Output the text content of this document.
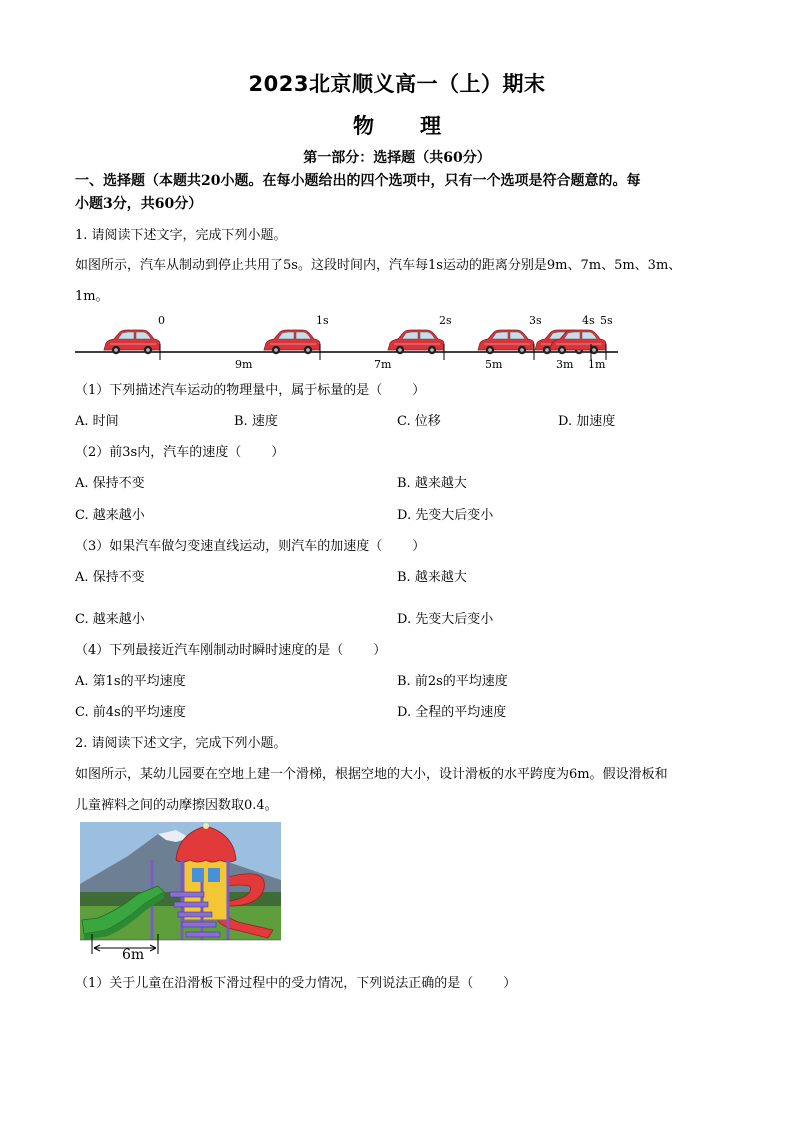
2023北京顺义高一（上）期末
物理
第一部分：选择题（共60分）
一、选择题（本题共20小题。在每小题给出的四个选项中，只有一个选项是符合题意的。每
小题3分，共60分）
1. 请阅读下述文字，完成下列小题。
如图所示，汽车从制动到停止共用了5s。这段时间内，汽车每1s运动的距离分别是9m、7m、5m、3m、
1m。
0	1s	2s	3s	4s 5s
9m	7m	5m	3m 1m
（1）下列描述汽车运动的物理量中，属于标量的是（ ）
A. 时间	B. 速度	C. 位移	D. 加速度
（2）前3s内，汽车的速度（ ）
A. 保持不变	B. 越来越大
C. 越来越小	D. 先变大后变小
（3）如果汽车做匀变速直线运动，则汽车的加速度（ ）
A. 保持不变	B. 越来越大
C. 越来越小	D. 先变大后变小
（4）下列最接近汽车刚制动时瞬时速度的是（ ）
A. 第1s的平均速度	B. 前2s的平均速度
C. 前4s的平均速度	D. 全程的平均速度
2. 请阅读下述文字，完成下列小题。
如图所示，某幼儿园要在空地上建一个滑梯，根据空地的大小，设计滑板的水平跨度为6m。假设滑板和
儿童裤料之间的动摩擦因数取0.4。
6m
（1）关于儿童在沿滑板下滑过程中的受力情况，下列说法正确的是（ ）
